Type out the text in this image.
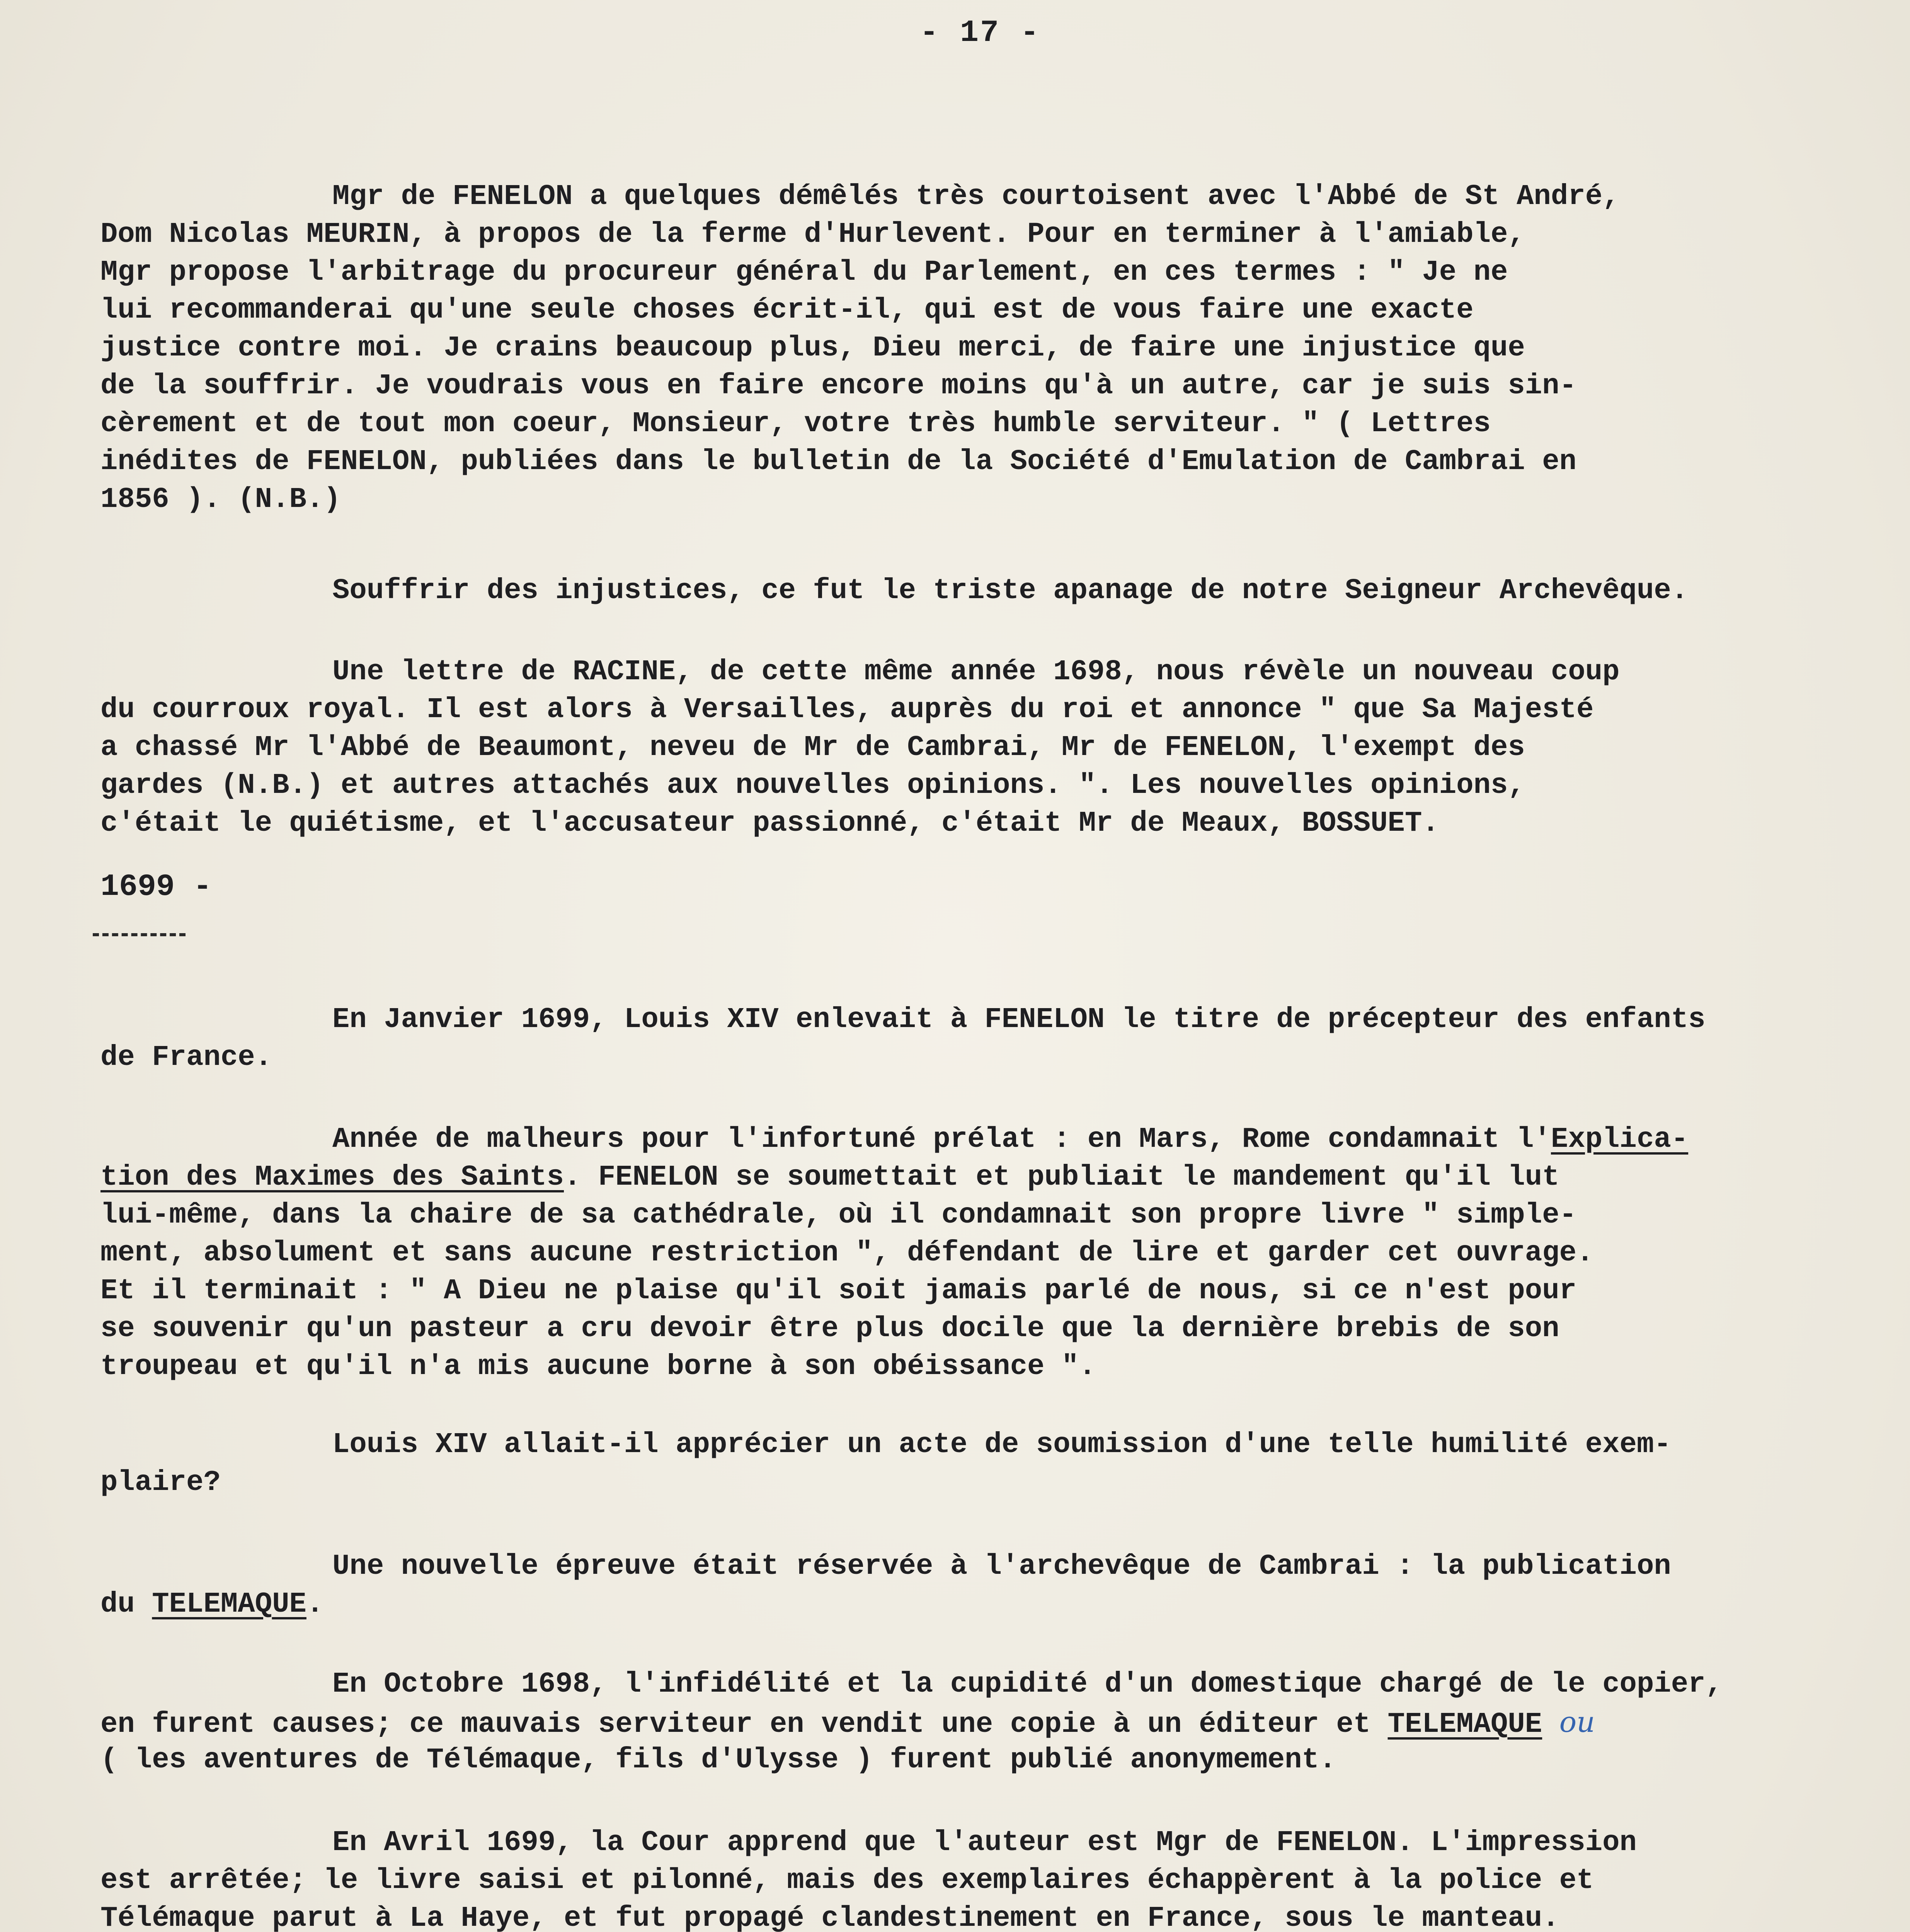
- 17 -
Mgr de FENELON a quelques démêlés très courtoisent avec l'Abbé de St André,
Dom Nicolas MEURIN, à propos de la ferme d'Hurlevent. Pour en terminer à l'amiable,
Mgr propose l'arbitrage du procureur général du Parlement, en ces termes : " Je ne
lui recommanderai qu'une seule choses écrit-il, qui est de vous faire une exacte
justice contre moi. Je crains beaucoup plus, Dieu merci, de faire une injustice que
de la souffrir. Je voudrais vous en faire encore moins qu'à un autre, car je suis sin-
cèrement et de tout mon coeur, Monsieur, votre très humble serviteur. " ( Lettres
inédites de FENELON, publiées dans le bulletin de la Société d'Emulation de Cambrai en
1856 ). (N.B.)
Souffrir des injustices, ce fut le triste apanage de notre Seigneur Archevêque.
Une lettre de RACINE, de cette même année 1698, nous révèle un nouveau coup
du courroux royal. Il est alors à Versailles, auprès du roi et annonce " que Sa Majesté
a chassé Mr l'Abbé de Beaumont, neveu de Mr de Cambrai, Mr de FENELON, l'exempt des
gardes (N.B.) et autres attachés aux nouvelles opinions. ". Les nouvelles opinions,
c'était le quiétisme, et l'accusateur passionné, c'était Mr de Meaux, BOSSUET.
1699 -
En Janvier 1699, Louis XIV enlevait à FENELON le titre de précepteur des enfants
de France.
Année de malheurs pour l'infortuné prélat : en Mars, Rome condamnait l'Explica-
tion des Maximes des Saints. FENELON se soumettait et publiait le mandement qu'il lut
lui-même, dans la chaire de sa cathédrale, où il condamnait son propre livre " simple-
ment, absolument et sans aucune restriction ", défendant de lire et garder cet ouvrage.
Et il terminait : " A Dieu ne plaise qu'il soit jamais parlé de nous, si ce n'est pour
se souvenir qu'un pasteur a cru devoir être plus docile que la dernière brebis de son
troupeau et qu'il n'a mis aucune borne à son obéissance ".
Louis XIV allait-il apprécier un acte de soumission d'une telle humilité exem-
plaire?
Une nouvelle épreuve était réservée à l'archevêque de Cambrai : la publication
du TELEMAQUE.
En Octobre 1698, l'infidélité et la cupidité d'un domestique chargé de le copier,
en furent causes; ce mauvais serviteur en vendit une copie à un éditeur et TELEMAQUE ou
( les aventures de Télémaque, fils d'Ulysse ) furent publié anonymement.
En Avril 1699, la Cour apprend que l'auteur est Mgr de FENELON. L'impression
est arrêtée; le livre saisi et pilonné, mais des exemplaires échappèrent à la police et
Télémaque parut à La Haye, et fut propagé clandestinement en France, sous le manteau.
